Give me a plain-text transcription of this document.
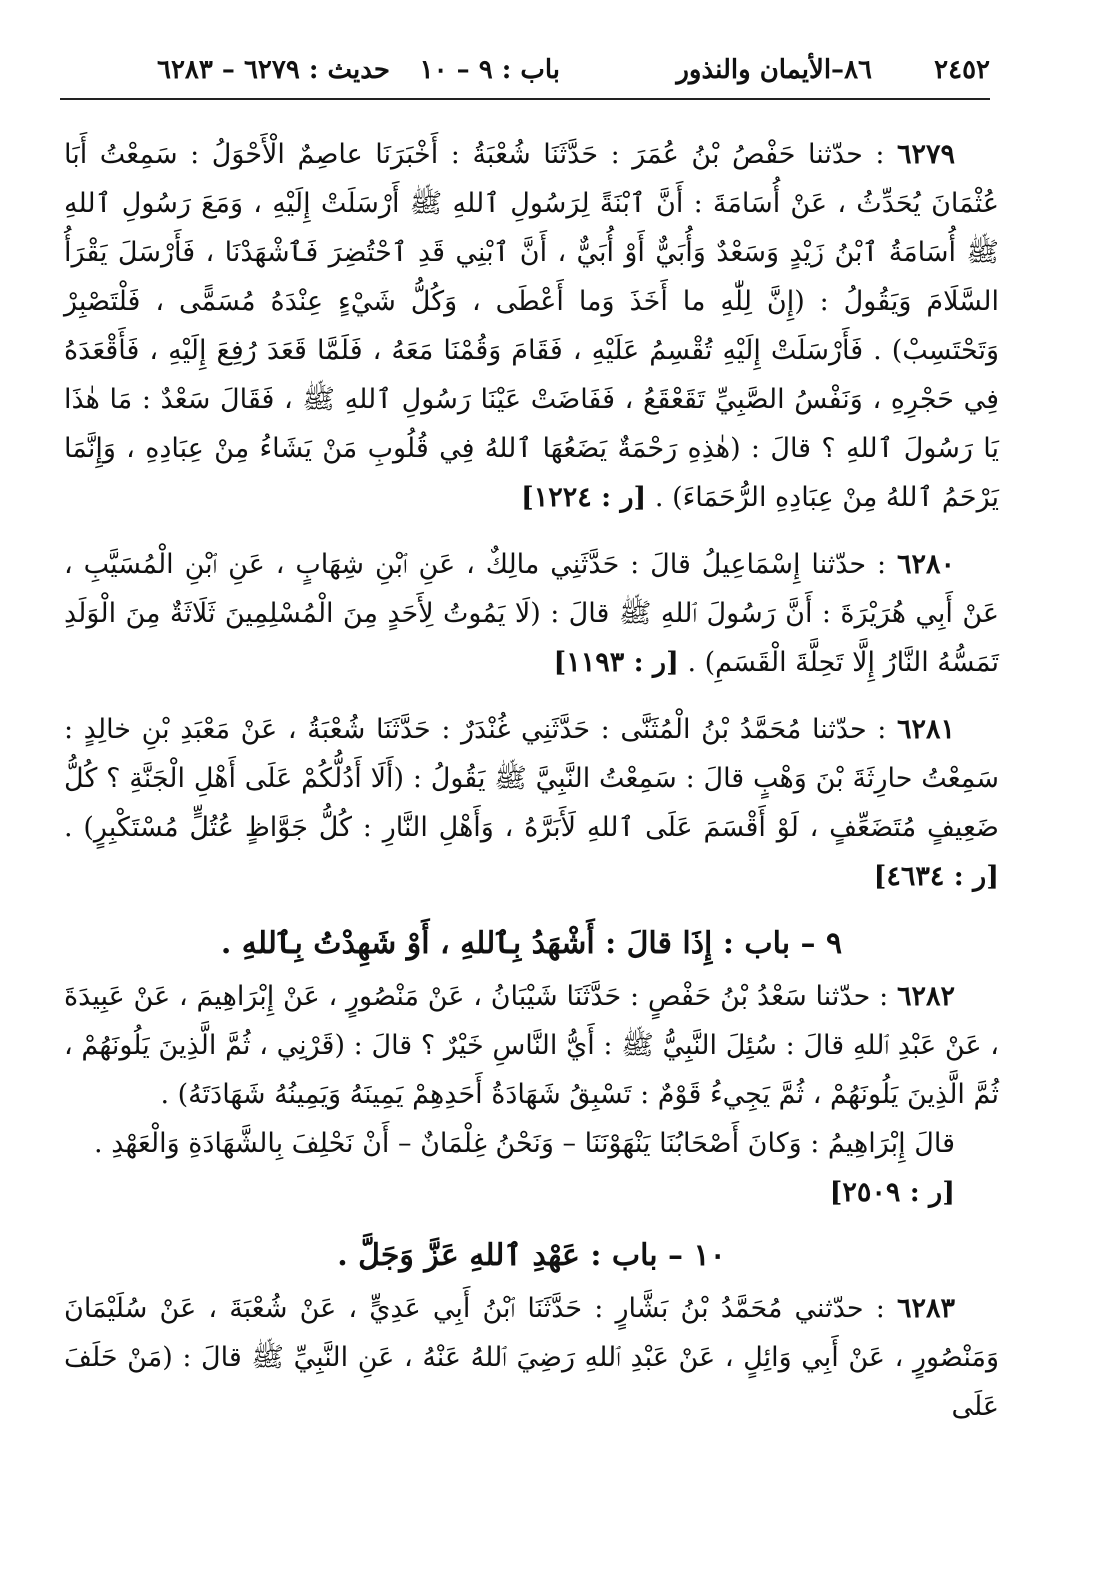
٢٤٥٢
٨٦–الأيمان والنذور
باب : ٩ – ١٠
حديث : ٦٢٧٩ – ٦٢٨٣

٦٢٧٩ : حدّثنا حَفْصُ بْنُ عُمَرَ : حَدَّثَنَا شُعْبَةُ : أَخْبَرَنَا عاصِمٌ الْأَحْوَلُ : سَمِعْتُ أَبَا عُثْمَانَ يُحَدِّثُ ، عَنْ أُسَامَةَ : أَنَّ ٱبْنَةً لِرَسُولِ ٱللهِ ﷺ أَرْسَلَتْ إِلَيْهِ ، وَمَعَ رَسُولِ ٱللهِ ﷺ أُسَامَةُ ٱبْنُ زَيْدٍ وَسَعْدٌ وَأُبَيٌّ أَوْ أُبَيٌّ ، أَنَّ ٱبْنِي قَدِ ٱحْتُضِرَ فَٱشْهَدْنَا ، فَأَرْسَلَ يَقْرَأُ السَّلَامَ وَيَقُولُ : (إِنَّ لِلّٰهِ ما أَخَذَ وَما أَعْطَى ، وَكُلُّ شَيْءٍ عِنْدَهُ مُسَمًّى ، فَلْتَصْبِرْ وَتَحْتَسِبْ) . فَأَرْسَلَتْ إِلَيْهِ تُقْسِمُ عَلَيْهِ ، فَقَامَ وَقُمْنَا مَعَهُ ، فَلَمَّا قَعَدَ رُفِعَ إِلَيْهِ ، فَأَقْعَدَهُ فِي حَجْرِهِ ، وَنَفْسُ الصَّبِيِّ تَقَعْقَعُ ، فَفَاضَتْ عَيْنَا رَسُولِ ٱللهِ ﷺ ، فَقَالَ سَعْدٌ : مَا هٰذَا يَا رَسُولَ ٱللهِ ؟ قالَ : (هٰذِهِ رَحْمَةٌ يَضَعُهَا ٱللهُ فِي قُلُوبِ مَنْ يَشَاءُ مِنْ عِبَادِهِ ، وَإِنَّمَا يَرْحَمُ ٱللهُ مِنْ عِبَادِهِ الرُّحَمَاءَ) . [ر : ١٢٢٤]

٦٢٨٠ : حدّثنا إِسْمَاعِيلُ قالَ : حَدَّثَنِي مالِكٌ ، عَنِ ٱبْنِ شِهَابٍ ، عَنِ ٱبْنِ الْمُسَيَّبِ ، عَنْ أَبِي هُرَيْرَةَ : أَنَّ رَسُولَ ٱللهِ ﷺ قالَ : (لَا يَمُوتُ لِأَحَدٍ مِنَ الْمُسْلِمِينَ ثَلَاثَةٌ مِنَ الْوَلَدِ تَمَسُّهُ النَّارُ إِلَّا تَحِلَّةَ الْقَسَمِ) . [ر : ١١٩٣]

٦٢٨١ : حدّثنا مُحَمَّدُ بْنُ الْمُثَنَّى : حَدَّثَنِي غُنْدَرٌ : حَدَّثَنَا شُعْبَةُ ، عَنْ مَعْبَدِ بْنِ خالِدٍ : سَمِعْتُ حارِثَةَ بْنَ وَهْبٍ قالَ : سَمِعْتُ النَّبِيَّ ﷺ يَقُولُ : (أَلَا أَدُلُّكُمْ عَلَى أَهْلِ الْجَنَّةِ ؟ كُلُّ ضَعِيفٍ مُتَضَعِّفٍ ، لَوْ أَقْسَمَ عَلَى ٱللهِ لَأَبَرَّهُ ، وَأَهْلِ النَّارِ : كُلُّ جَوَّاظٍ عُتُلٍّ مُسْتَكْبِرٍ) . [ر : ٤٦٣٤]

٩ – باب : إِذَا قالَ : أَشْهَدُ بِٱللهِ ، أَوْ شَهِدْتُ بِٱللهِ .

٦٢٨٢ : حدّثنا سَعْدُ بْنُ حَفْصٍ : حَدَّثَنَا شَيْبَانُ ، عَنْ مَنْصُورٍ ، عَنْ إِبْرَاهِيمَ ، عَنْ عَبِيدَةَ ، عَنْ عَبْدِ ٱللهِ قالَ : سُئِلَ النَّبِيُّ ﷺ : أَيُّ النَّاسِ خَيْرٌ ؟ قالَ : (قَرْنِي ، ثُمَّ الَّذِينَ يَلُونَهُمْ ، ثُمَّ الَّذِينَ يَلُونَهُمْ ، ثُمَّ يَجِيءُ قَوْمٌ : تَسْبِقُ شَهَادَةُ أَحَدِهِمْ يَمِينَهُ وَيَمِينُهُ شَهَادَتَهُ) .
قالَ إِبْرَاهِيمُ : وَكانَ أَصْحَابُنَا يَنْهَوْنَنَا – وَنَحْنُ غِلْمَانٌ – أَنْ نَحْلِفَ بِالشَّهَادَةِ وَالْعَهْدِ .
[ر : ٢٥٠٩]

١٠ – باب : عَهْدِ ٱللهِ عَزَّ وَجَلَّ .

٦٢٨٣ : حدّثني مُحَمَّدُ بْنُ بَشَّارٍ : حَدَّثَنَا ٱبْنُ أَبِي عَدِيٍّ ، عَنْ شُعْبَةَ ، عَنْ سُلَيْمَانَ وَمَنْصُورٍ ، عَنْ أَبِي وَائِلٍ ، عَنْ عَبْدِ ٱللهِ رَضِيَ ٱللهُ عَنْهُ ، عَنِ النَّبِيِّ ﷺ قالَ : (مَنْ حَلَفَ عَلَى
